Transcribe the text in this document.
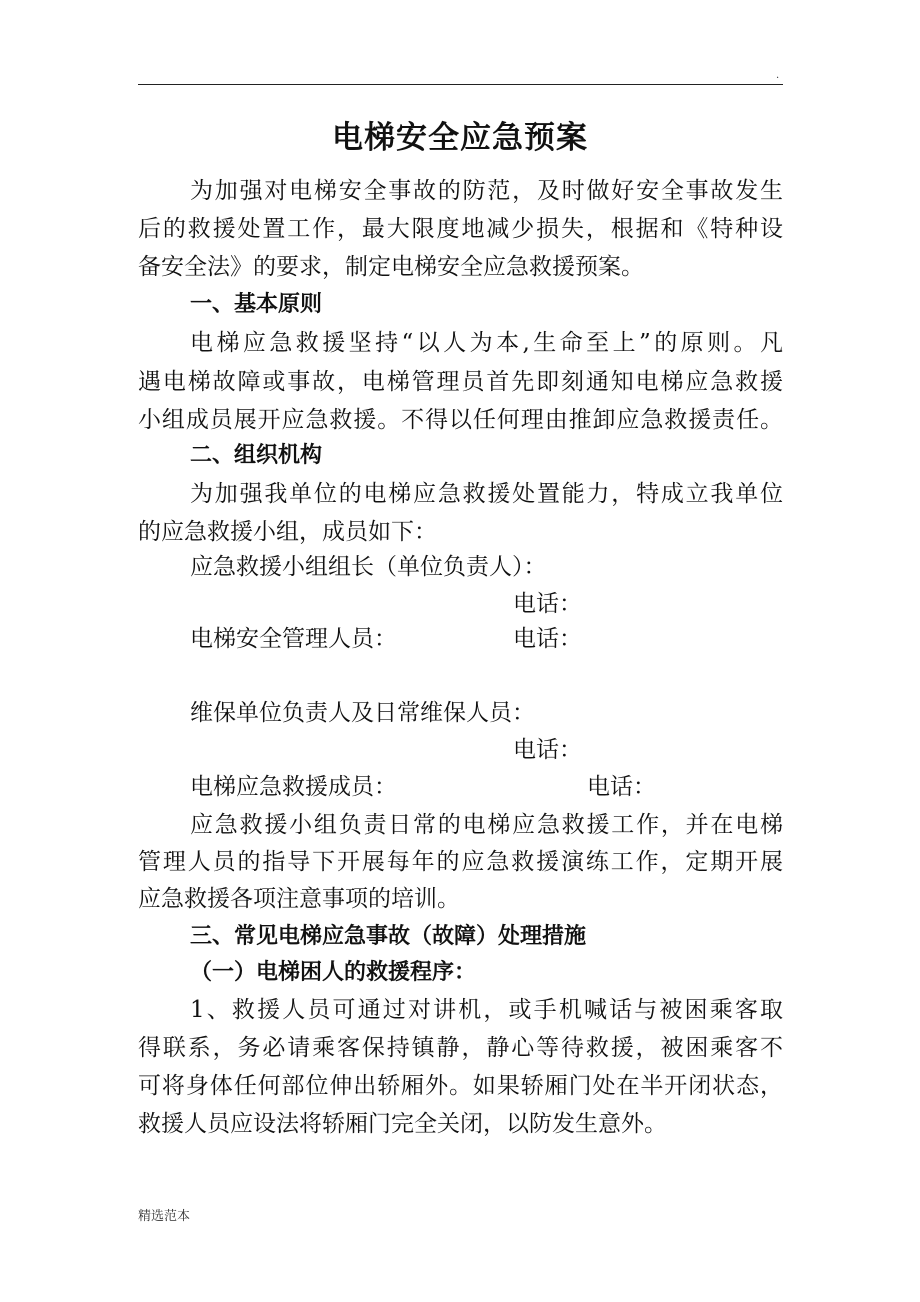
.
电梯安全应急预案
为加强对电梯安全事故的防范，及时做好安全事故发生
后的救援处置工作，最大限度地减少损失，根据和《特种设
备安全法》的要求，制定电梯安全应急救援预案。
一、基本原则
电梯应急救援坚持“以人为本,生命至上”的原则。凡
遇电梯故障或事故，电梯管理员首先即刻通知电梯应急救援
小组成员展开应急救援。不得以任何理由推卸应急救援责任。
二、组织机构
为加强我单位的电梯应急救援处置能力，特成立我单位
的应急救援小组，成员如下：
应急救援小组组长（单位负责人）：
电话：
电梯安全管理人员：	电话：
维保单位负责人及日常维保人员：
电话：
电梯应急救援成员：	电话：
应急救援小组负责日常的电梯应急救援工作，并在电梯
管理人员的指导下开展每年的应急救援演练工作，定期开展
应急救援各项注意事项的培训。
三、常见电梯应急事故（故障）处理措施
（一）电梯困人的救援程序：
1、救援人员可通过对讲机，或手机喊话与被困乘客取
得联系，务必请乘客保持镇静，静心等待救援，被困乘客不
可将身体任何部位伸出轿厢外。如果轿厢门处在半开闭状态，
救援人员应设法将轿厢门完全关闭，以防发生意外。
精选范本
